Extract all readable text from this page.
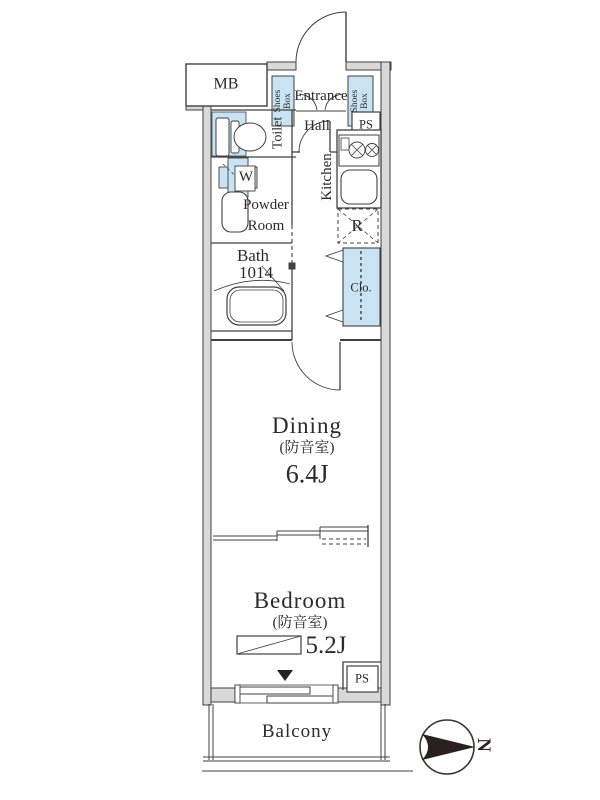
MB
Entrance
Shoes Box	Shoes Box
Toilet Hall PS
Kitchen
W
Powder Room	R
Bath
1014
Clo.
Dining
(防音室)
6.4J
Bedroom
(防音室)
5.2J
PS
Balcony
N
